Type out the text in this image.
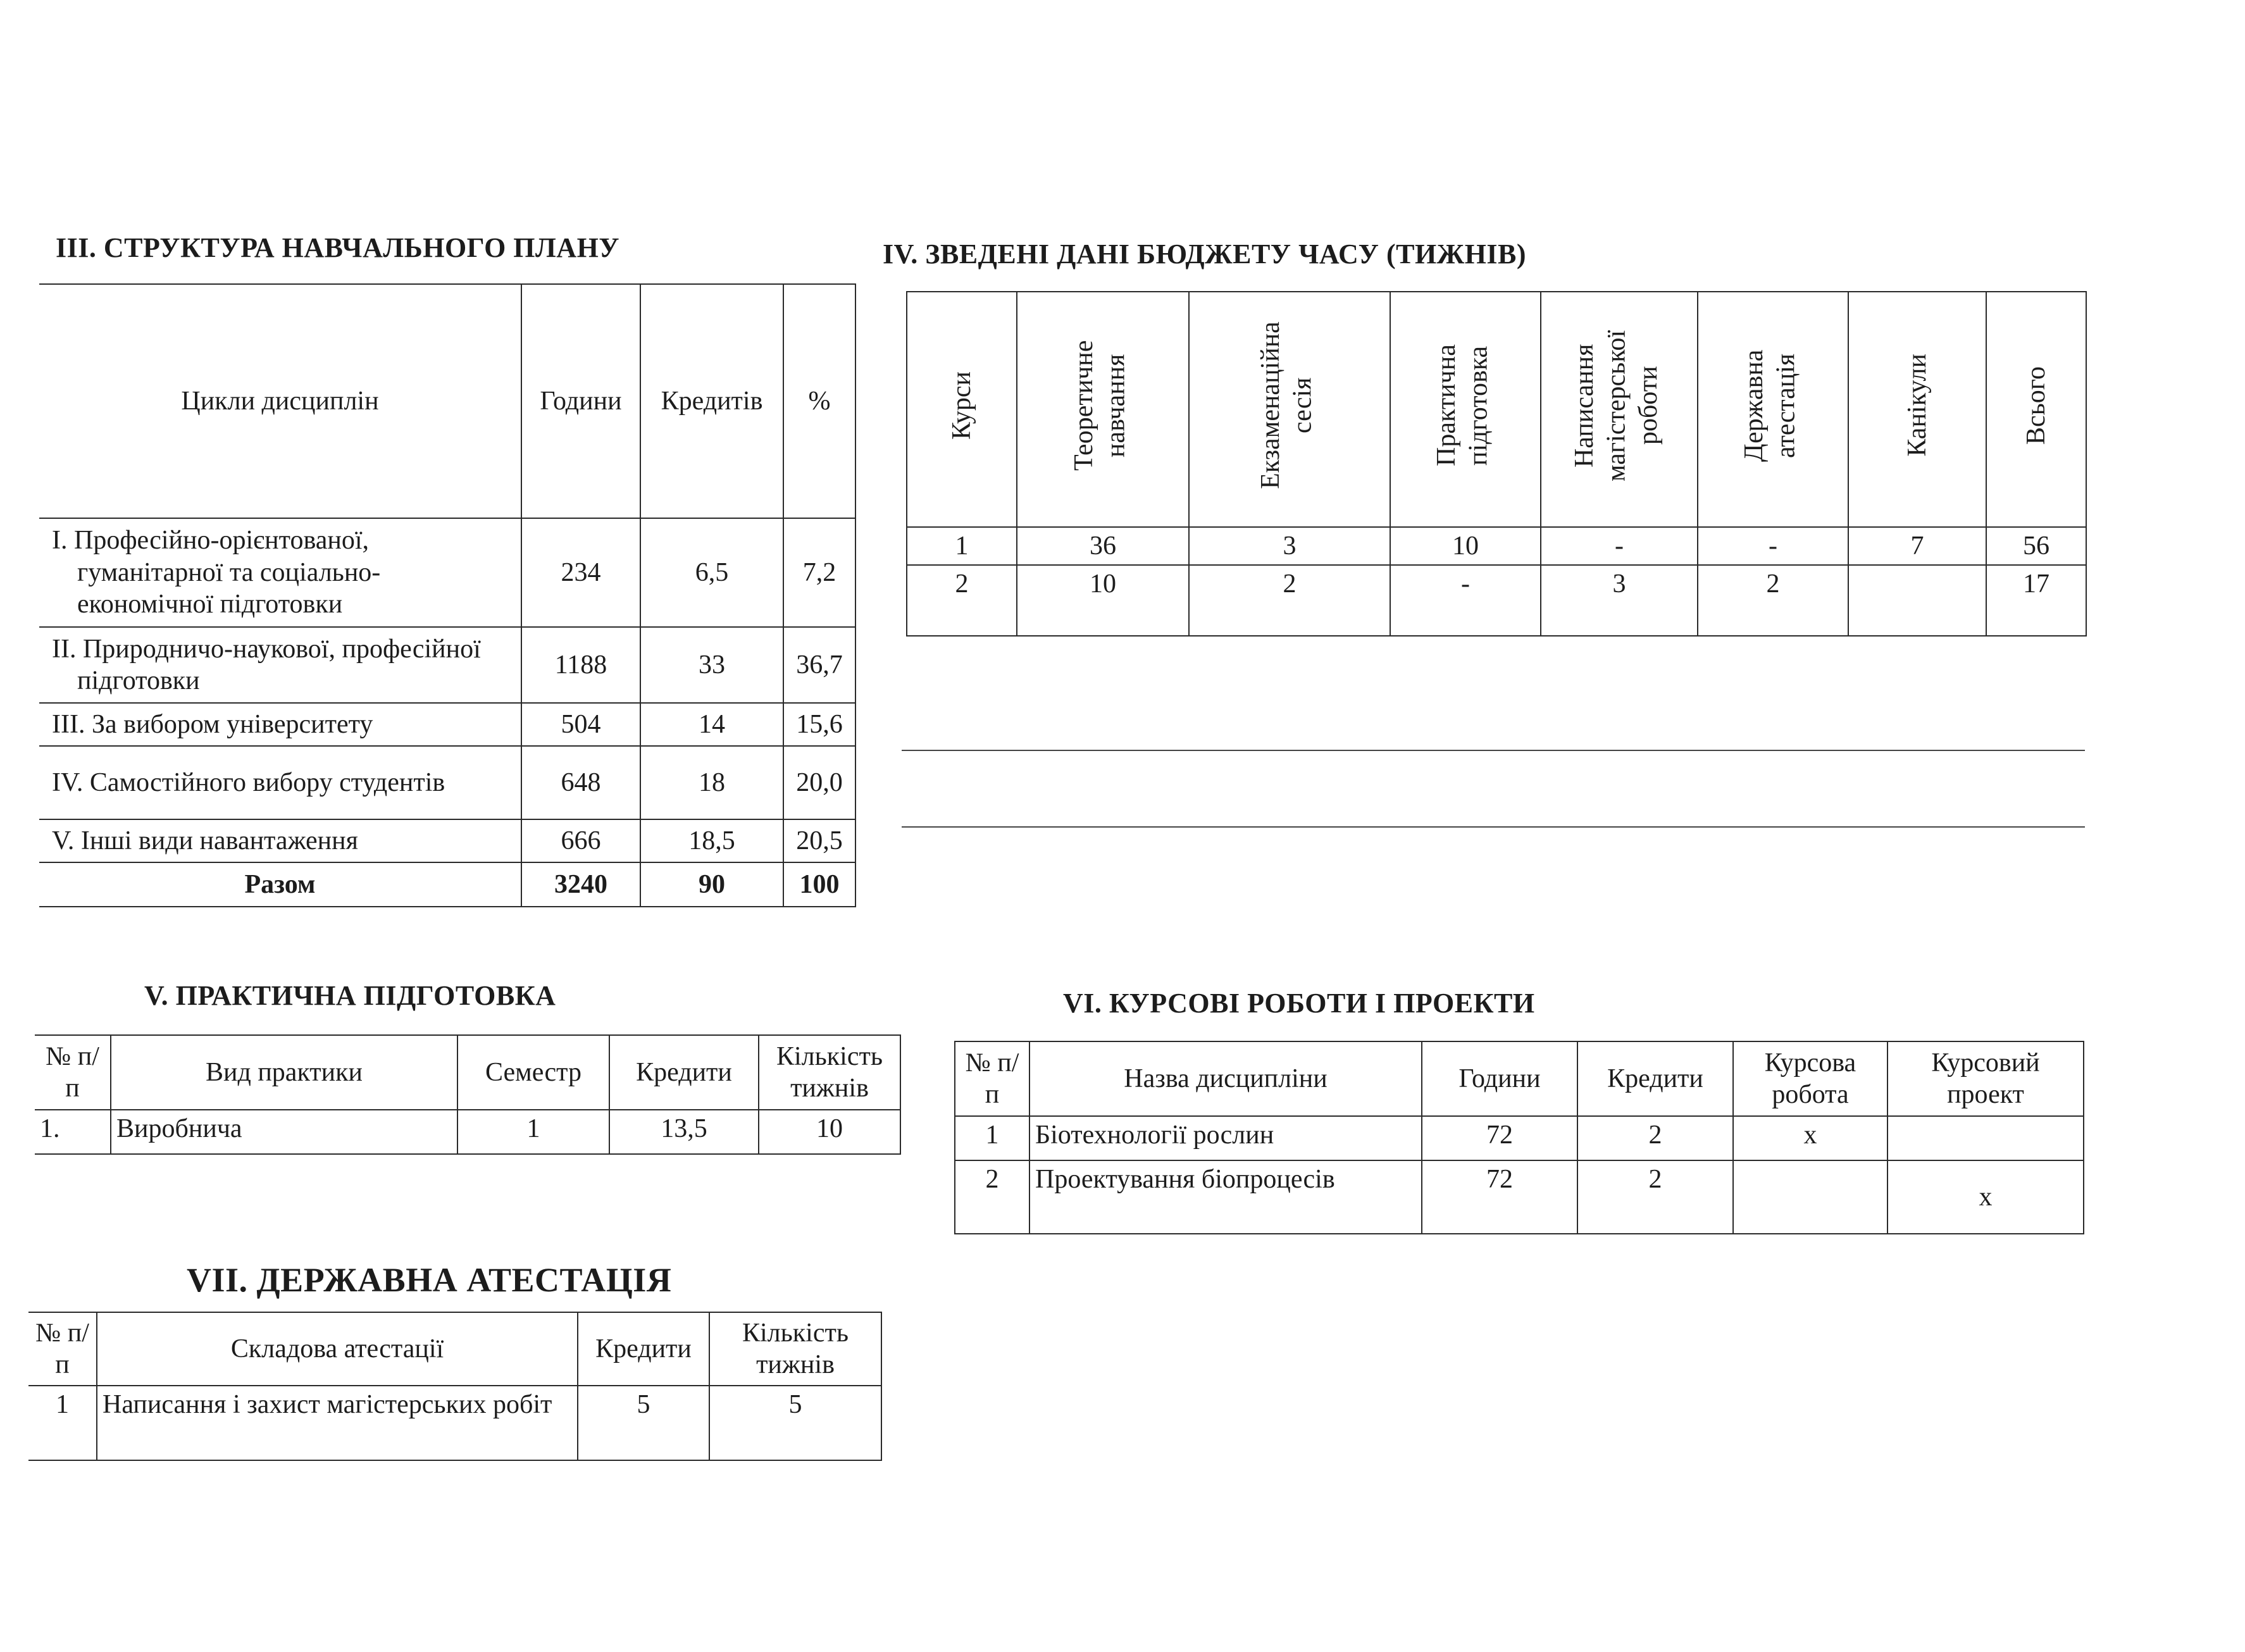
III. СТРУКТУРА НАВЧАЛЬНОГО ПЛАНУ
Цикли дисциплін	Години	Кредитів	%
I. Професійно-орієнтованої, гуманітарної та соціально-економічної підготовки	234	6,5	7,2
II. Природничо-наукової, професійної підготовки	1188	33	36,7
III. За вибором університету	504	14	15,6
IV. Самостійного вибору студентів	648	18	20,0
V. Інші види навантаження	666	18,5	20,5
Разом	3240	90	100
IV. ЗВЕДЕНІ ДАНІ БЮДЖЕТУ ЧАСУ (ТИЖНІВ)
Курси	Теоретичне навчання	Екзаменаційна сесія	Практична підготовка	Написання магістерської роботи	Державна атестація	Канікули	Всього
1	36	3	10	-	-	7	56
2	10	2	-	3	2		17
V. ПРАКТИЧНА ПІДГОТОВКА
№ п/п	Вид практики	Семестр	Кредити	Кількість тижнів
1.	Виробнича	1	13,5	10
VI. КУРСОВІ РОБОТИ І ПРОЕКТИ
№ п/п	Назва дисципліни	Години	Кредити	Курсова робота	Курсовий проект
1	Біотехнології рослин	72	2	х	
2	Проектування біопроцесів	72	2		х
VII. ДЕРЖАВНА АТЕСТАЦІЯ
№ п/п	Складова атестації	Кредити	Кількість тижнів
1	Написання і захист магістерських робіт	5	5
